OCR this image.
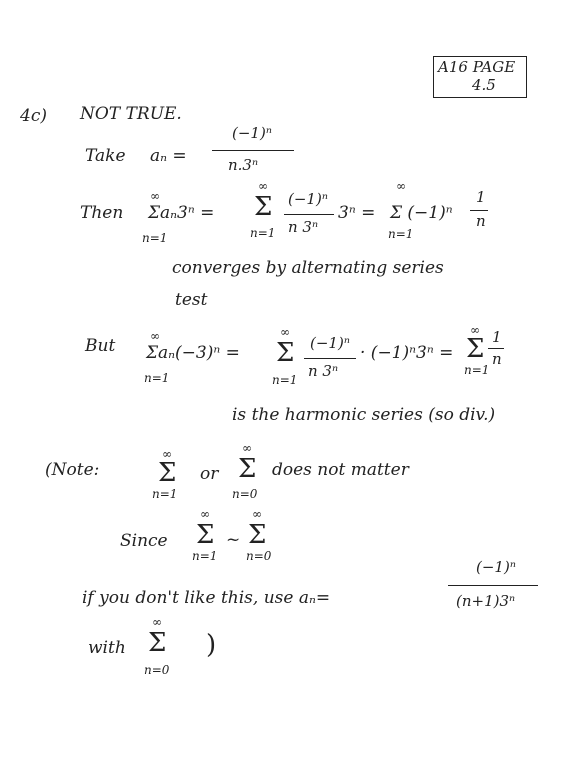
A16 PAGE
4.5
4c) NOT TRUE.
Take aₙ =
(−1)ⁿ
n.3ⁿ
Then
∞
Σaₙ3ⁿ =
n=1
∞
Σ
n=1
(−1)ⁿ
n 3ⁿ
3ⁿ =
∞
Σ (−1)ⁿ
n=1
1
n
converges by alternating series
test
But	∞
Σaₙ(−3)ⁿ =
n=1
∞
Σ
n=1
(−1)ⁿ
n 3ⁿ
· (−1)ⁿ3ⁿ =
∞
Σ
n=1
1
n
is the harmonic series (so div.)
(Note:
∞
Σ
n=1
or
∞
Σ
n=0
does not matter
Since
∞
Σ
n=1
~
∞
Σ
n=0
if you don't like this, use aₙ=
(−1)ⁿ
(n+1)3ⁿ
with
∞
Σ
n=0
)
